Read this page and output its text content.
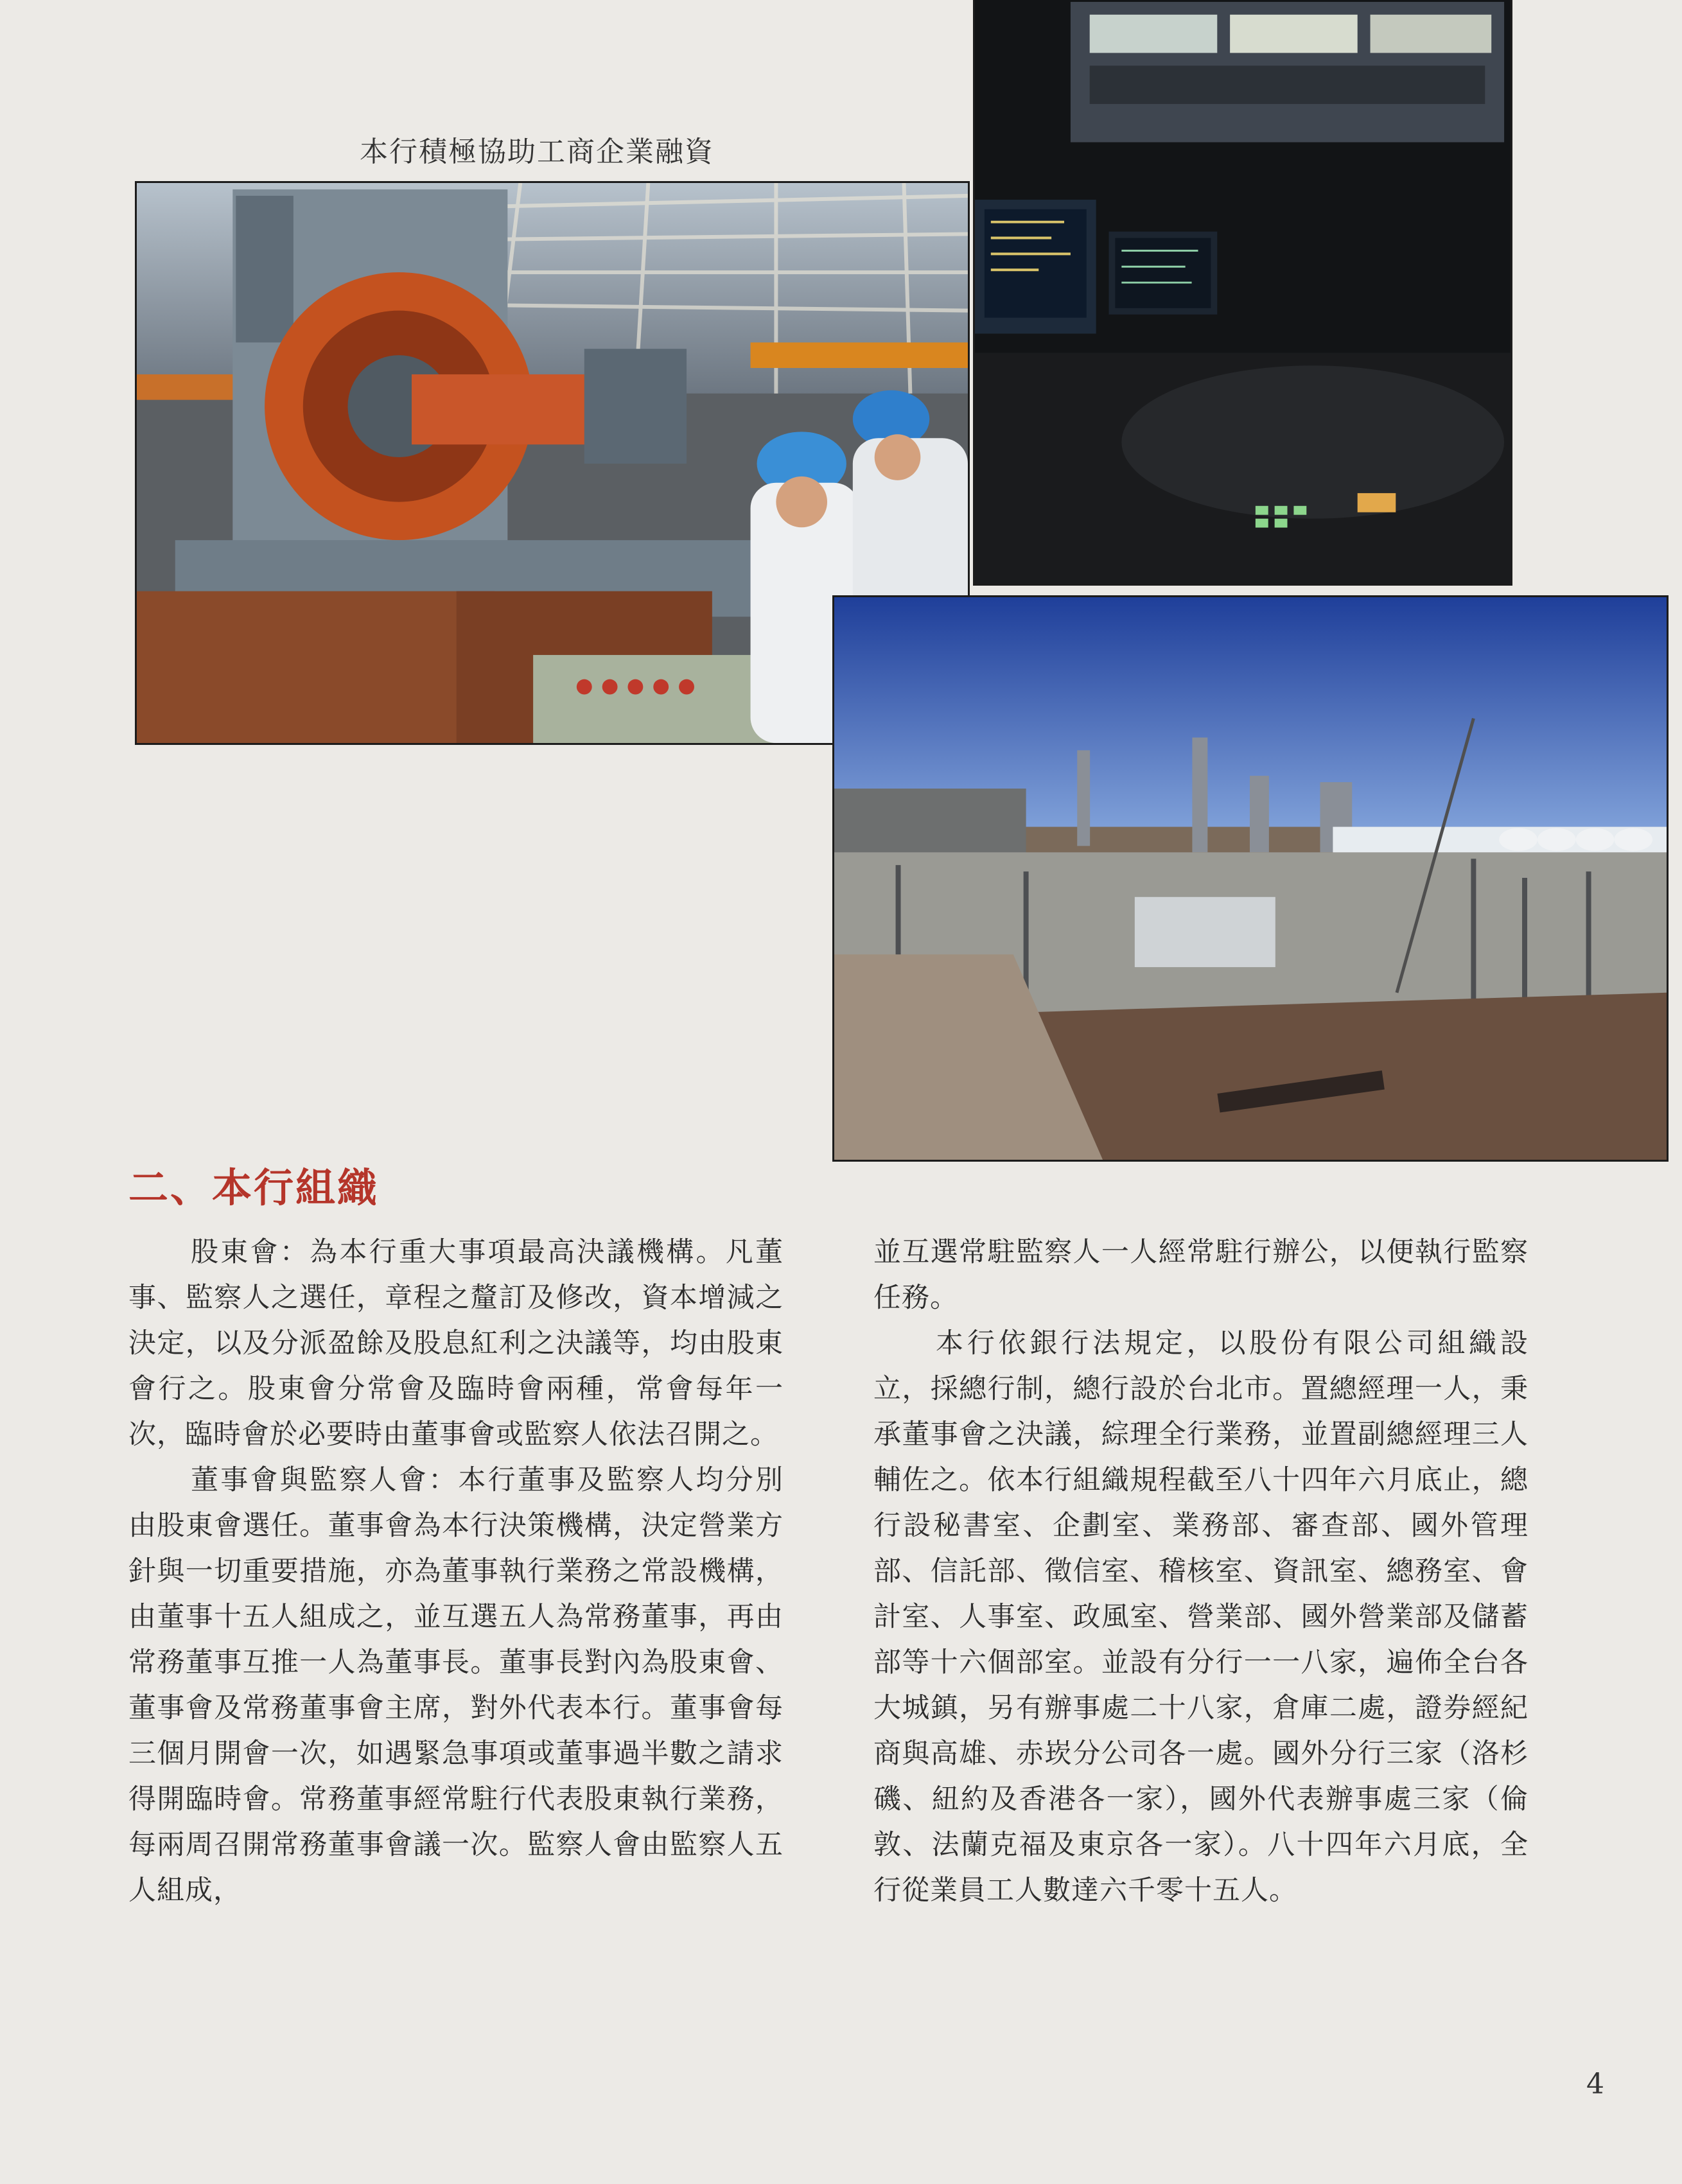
本行積極協助工商企業融資
二、本行組織

股東會：為本行重大事項最高決議機構。凡董事、監察人之選任，章程之釐訂及修改，資本增減之決定，以及分派盈餘及股息紅利之決議等，均由股東會行之。股東會分常會及臨時會兩種，常會每年一次，臨時會於必要時由董事會或監察人依法召開之。

董事會與監察人會：本行董事及監察人均分別由股東會選任。董事會為本行決策機構，決定營業方針與一切重要措施，亦為董事執行業務之常設機構，由董事十五人組成之，並互選五人為常務董事，再由常務董事互推一人為董事長。董事長對內為股東會、董事會及常務董事會主席，對外代表本行。董事會每三個月開會一次，如遇緊急事項或董事過半數之請求得開臨時會。常務董事經常駐行代表股東執行業務，每兩周召開常務董事會議一次。監察人會由監察人五人組成，

並互選常駐監察人一人經常駐行辦公，以便執行監察任務。

本行依銀行法規定，以股份有限公司組織設立，採總行制，總行設於台北市。置總經理一人，秉承董事會之決議，綜理全行業務，並置副總經理三人輔佐之。依本行組織規程截至八十四年六月底止，總行設秘書室、企劃室、業務部、審查部、國外管理部、信託部、徵信室、稽核室、資訊室、總務室、會計室、人事室、政風室、營業部、國外營業部及儲蓄部等十六個部室。並設有分行一一八家，遍佈全台各大城鎮，另有辦事處二十八家，倉庫二處，證券經紀商與高雄、赤崁分公司各一處。國外分行三家（洛杉磯、紐約及香港各一家），國外代表辦事處三家（倫敦、法蘭克福及東京各一家）。八十四年六月底，全行從業員工人數達六千零十五人。

4
